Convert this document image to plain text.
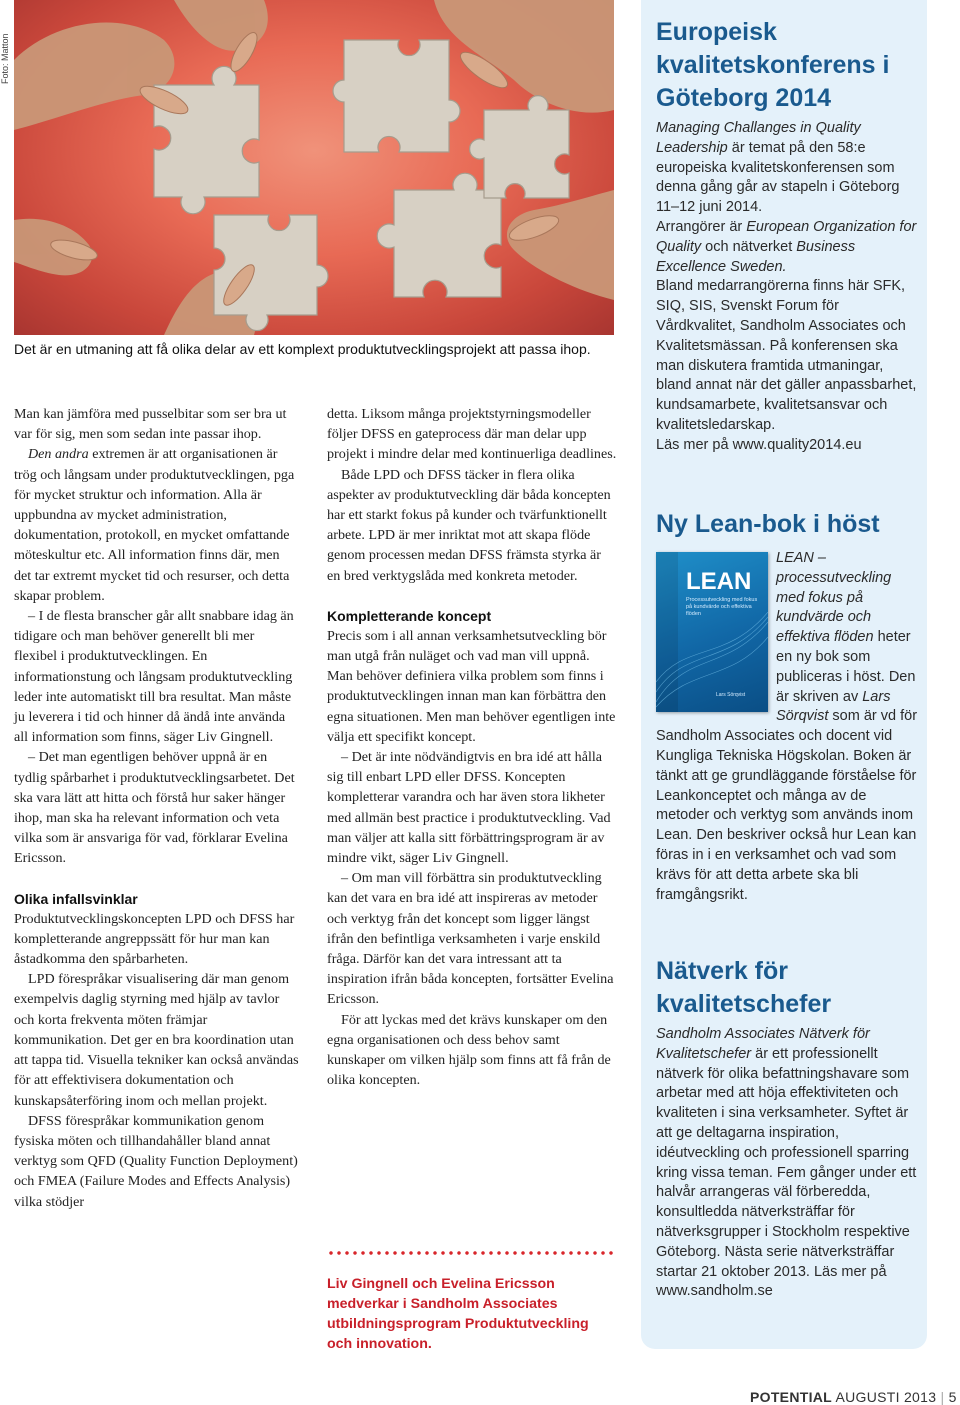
Foto: Matton
Det är en utmaning att få olika delar av ett komplext produktutvecklingsprojekt att passa ihop.

Man kan jämföra med pusselbitar som ser bra ut var för sig, men som sedan inte passar ihop.

Den andra extremen är att organisationen är trög och långsam under produktutvecklingen, pga för mycket struktur och information. Alla är uppbundna av mycket administration, dokumentation, protokoll, en mycket omfattande möteskultur etc. All information finns där, men det tar extremt mycket tid och resurser, och detta skapar problem.

– I de flesta branscher går allt snabbare idag än tidigare och man behöver generellt bli mer flexibel i produktutvecklingen. En informationstung och långsam produktutveckling leder inte automatiskt till bra resultat. Man måste ju leverera i tid och hinner då ändå inte använda all information som finns, säger Liv Gingnell.

– Det man egentligen behöver uppnå är en tydlig spårbarhet i produktutvecklingsarbetet. Det ska vara lätt att hitta och förstå hur saker hänger ihop, man ska ha relevant information och veta vilka som är ansvariga för vad, förklarar Evelina Ericsson.

Olika infallsvinklar

Produktutvecklingskoncepten LPD och DFSS har kompletterande angreppssätt för hur man kan åstadkomma den spårbarheten.

LPD förespråkar visualisering där man genom exempelvis daglig styrning med hjälp av tavlor och korta frekventa möten främjar kommunikation. Det ger en bra koordination utan att tappa tid. Visuella tekniker kan också användas för att effektivisera dokumentation och kunskapsåterföring inom och mellan projekt.

DFSS förespråkar kommunikation genom fysiska möten och tillhandahåller bland annat verktyg som QFD (Quality Function Deployment) och FMEA (Failure Modes and Effects Analysis) vilka stödjer

detta. Liksom många projektstyrningsmodeller följer DFSS en gateprocess där man delar upp projekt i mindre delar med kontinuerliga deadlines.

Både LPD och DFSS täcker in flera olika aspekter av produktutveckling där båda koncepten har ett starkt fokus på kunder och tvärfunktionellt arbete. LPD är mer inriktat mot att skapa flöde genom processen medan DFSS främsta styrka är en bred verktygslåda med konkreta metoder.

Kompletterande koncept

Precis som i all annan verksamhetsutveckling bör man utgå från nuläget och vad man vill uppnå. Man behöver definiera vilka problem som finns i produktutvecklingen innan man kan förbättra den egna situationen. Men man behöver egentligen inte välja ett specifikt koncept.

– Det är inte nödvändigtvis en bra idé att hålla sig till enbart LPD eller DFSS. Koncepten kompletterar varandra och har även stora likheter med allmän best practice i produktutveckling. Vad man väljer att kalla sitt förbättringsprogram är av mindre vikt, säger Liv Gingnell.

– Om man vill förbättra sin produktutveckling kan det vara en bra idé att inspireras av metoder och verktyg från det koncept som ligger längst ifrån den befintliga verksamheten i varje enskild fråga. Därför kan det vara intressant att ta inspiration ifrån båda koncepten, fortsätter Evelina Ericsson.

För att lyckas med det krävs kunskaper om den egna organisationen och dess behov samt kunskaper om vilken hjälp som finns att få från de olika koncepten.

Liv Gingnell och Evelina Ericsson medverkar i Sandholm Associates utbildningsprogram Produktutveckling och innovation.
Europeisk kvalitetskonferens i Göteborg 2014

Managing Challanges in Quality Leadership är temat på den 58:e europeiska kvalitetskonferensen som denna gång går av stapeln i Göteborg 11–12 juni 2014.

Arrangörer är European Organization for Quality och nätverket Business Excellence Sweden.

Bland medarrangörerna finns här SFK, SIQ, SIS, Svenskt Forum för Vårdkvalitet, Sandholm Associates och Kvalitetsmässan. På konferensen ska man diskutera framtida utmaningar, bland annat när det gäller anpassbarhet, kundsamarbete, kvalitetsansvar och kvalitetsledarskap.

Läs mer på www.quality2014.eu

Ny Lean-bok i höst

LEAN – processutveckling med fokus på kundvärde och effektiva flöden heter en ny bok som publiceras i höst. Den är skriven av Lars Sörqvist som är vd för Sandholm Associates och docent vid Kungliga Tekniska Högskolan. Boken är tänkt att ge grundläggande förståelse för Leankonceptet och många av de metoder och verktyg som används inom Lean. Den beskriver också hur Lean kan föras in i en verksamhet och vad som krävs för att detta arbete ska bli framgångsrikt.

LEAN
Processutveckling med fokus på kundvärde och effektiva flöden
Lars Sörqvist
Nätverk för kvalitetschefer

Sandholm Associates Nätverk för Kvalitetschefer är ett professionellt nätverk för olika befattningshavare som arbetar med att höja effektiviteten och kvaliteten i sina verksamheter. Syftet är att ge deltagarna inspiration, idéutveckling och professionell sparring kring vissa teman. Fem gånger under ett halvår arrangeras väl förberedda, konsultledda nätverksträffar för nätverksgrupper i Stockholm respektive Göteborg. Nästa serie nätverksträffar startar 21 oktober 2013. Läs mer på www.sandholm.se

POTENTIAL AUGUSTI 2013 | 5
